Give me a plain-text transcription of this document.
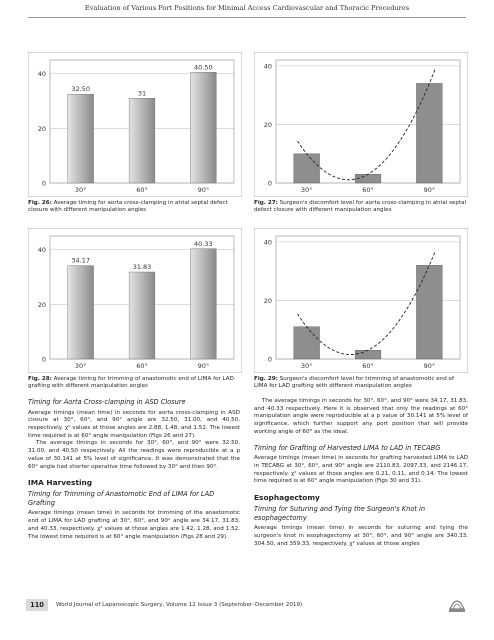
Evaluation of Various Port Positions for Minimal Access Cardiovascular and Thoracic Procedures
0
20
40
32.50
30°
31
60°
40.50
90°
0
20
40
30°	60°	90°
0
20
40
34.17
30°
31.83
60°
40.33
90°
0
20
40
30°	60°	90°
Fig. 26: Average timing for aorta cross-clamping in atrial septal defect closure with different manipulation angles
Fig. 27: Surgeon's discomfort level for aorta cross-clamping in atrial septal defect closure with different manipulation angles
Fig. 28: Average timing for trimming of anastomotic end of LIMA for LAD grafting with different manipulation angles
Fig. 29: Surgeon's discomfort level for trimming of anastomotic end of LIMA for LAD grafting with different manipulation angles
Timing for Aorta Cross-clamping in ASD Closure

Average timings (mean time) in seconds for aorta cross-clamping in ASD closure at 30°, 60°, and 90° angle are 32.50, 31.00, and 40.50, respectively. χ² values at those angles are 2.88, 1.48, and 1.52. The lowest time required is at 60° angle manipulation (Figs 26 and 27).

The average timings in seconds for 30°, 60°, and 90° were 32.50, 31.00, and 40.50 respectively. All the readings were reproducible at a p value of 30.141 at 5% level of significance. It was demonstrated that the 60° angle had shorter operative time followed by 30° and then 90°.

IMA Harvesting
Timing for Trimming of Anastomotic End of LIMA for LAD Grafting

Average timings (mean time) in seconds for trimming of the anastomotic end of LIMA for LAD grafting at 30°, 60°, and 90° angle are 34.17, 31.83, and 40.33, respectively. χ² values at those angles are 1.42, 1.28, and 1.52. The lowest time required is at 60° angle manipulation (Figs 28 and 29).

The average timings in seconds for 30°, 60°, and 90° were 34.17, 31.83, and 40.33 respectively. Here it is observed that only the readings at 60° manipulation angle were reproducible at a p value of 30.141 at 5% level of significance, which further support any port position that will provide working angle of 60° as the ideal.

Timing for Grafting of Harvested LIMA to LAD in TECABG

Average timings (mean time) in seconds for grafting harvested LIMA to LAD in TECABG at 30°, 60°, and 90° angle are 2110.83, 2097.33, and 2146.17, respectively. χ² values at those angles are 0.21, 0.11, and 0.14. The lowest time required is at 60° angle manipulation (Figs 30 and 31).

Esophagectomy
Timing for Suturing and Tying the Surgeon's Knot in esophagectomy

Average timings (mean time) in seconds for suturing and tying the surgeon's knot in esophagectomy at 30°, 60°, and 90° angle are 340.33, 304.50, and 359.33, respectively. χ² values at those angles

110	World Journal of Laparoscopic Surgery, Volume 12 Issue 3 (September–December 2019)
